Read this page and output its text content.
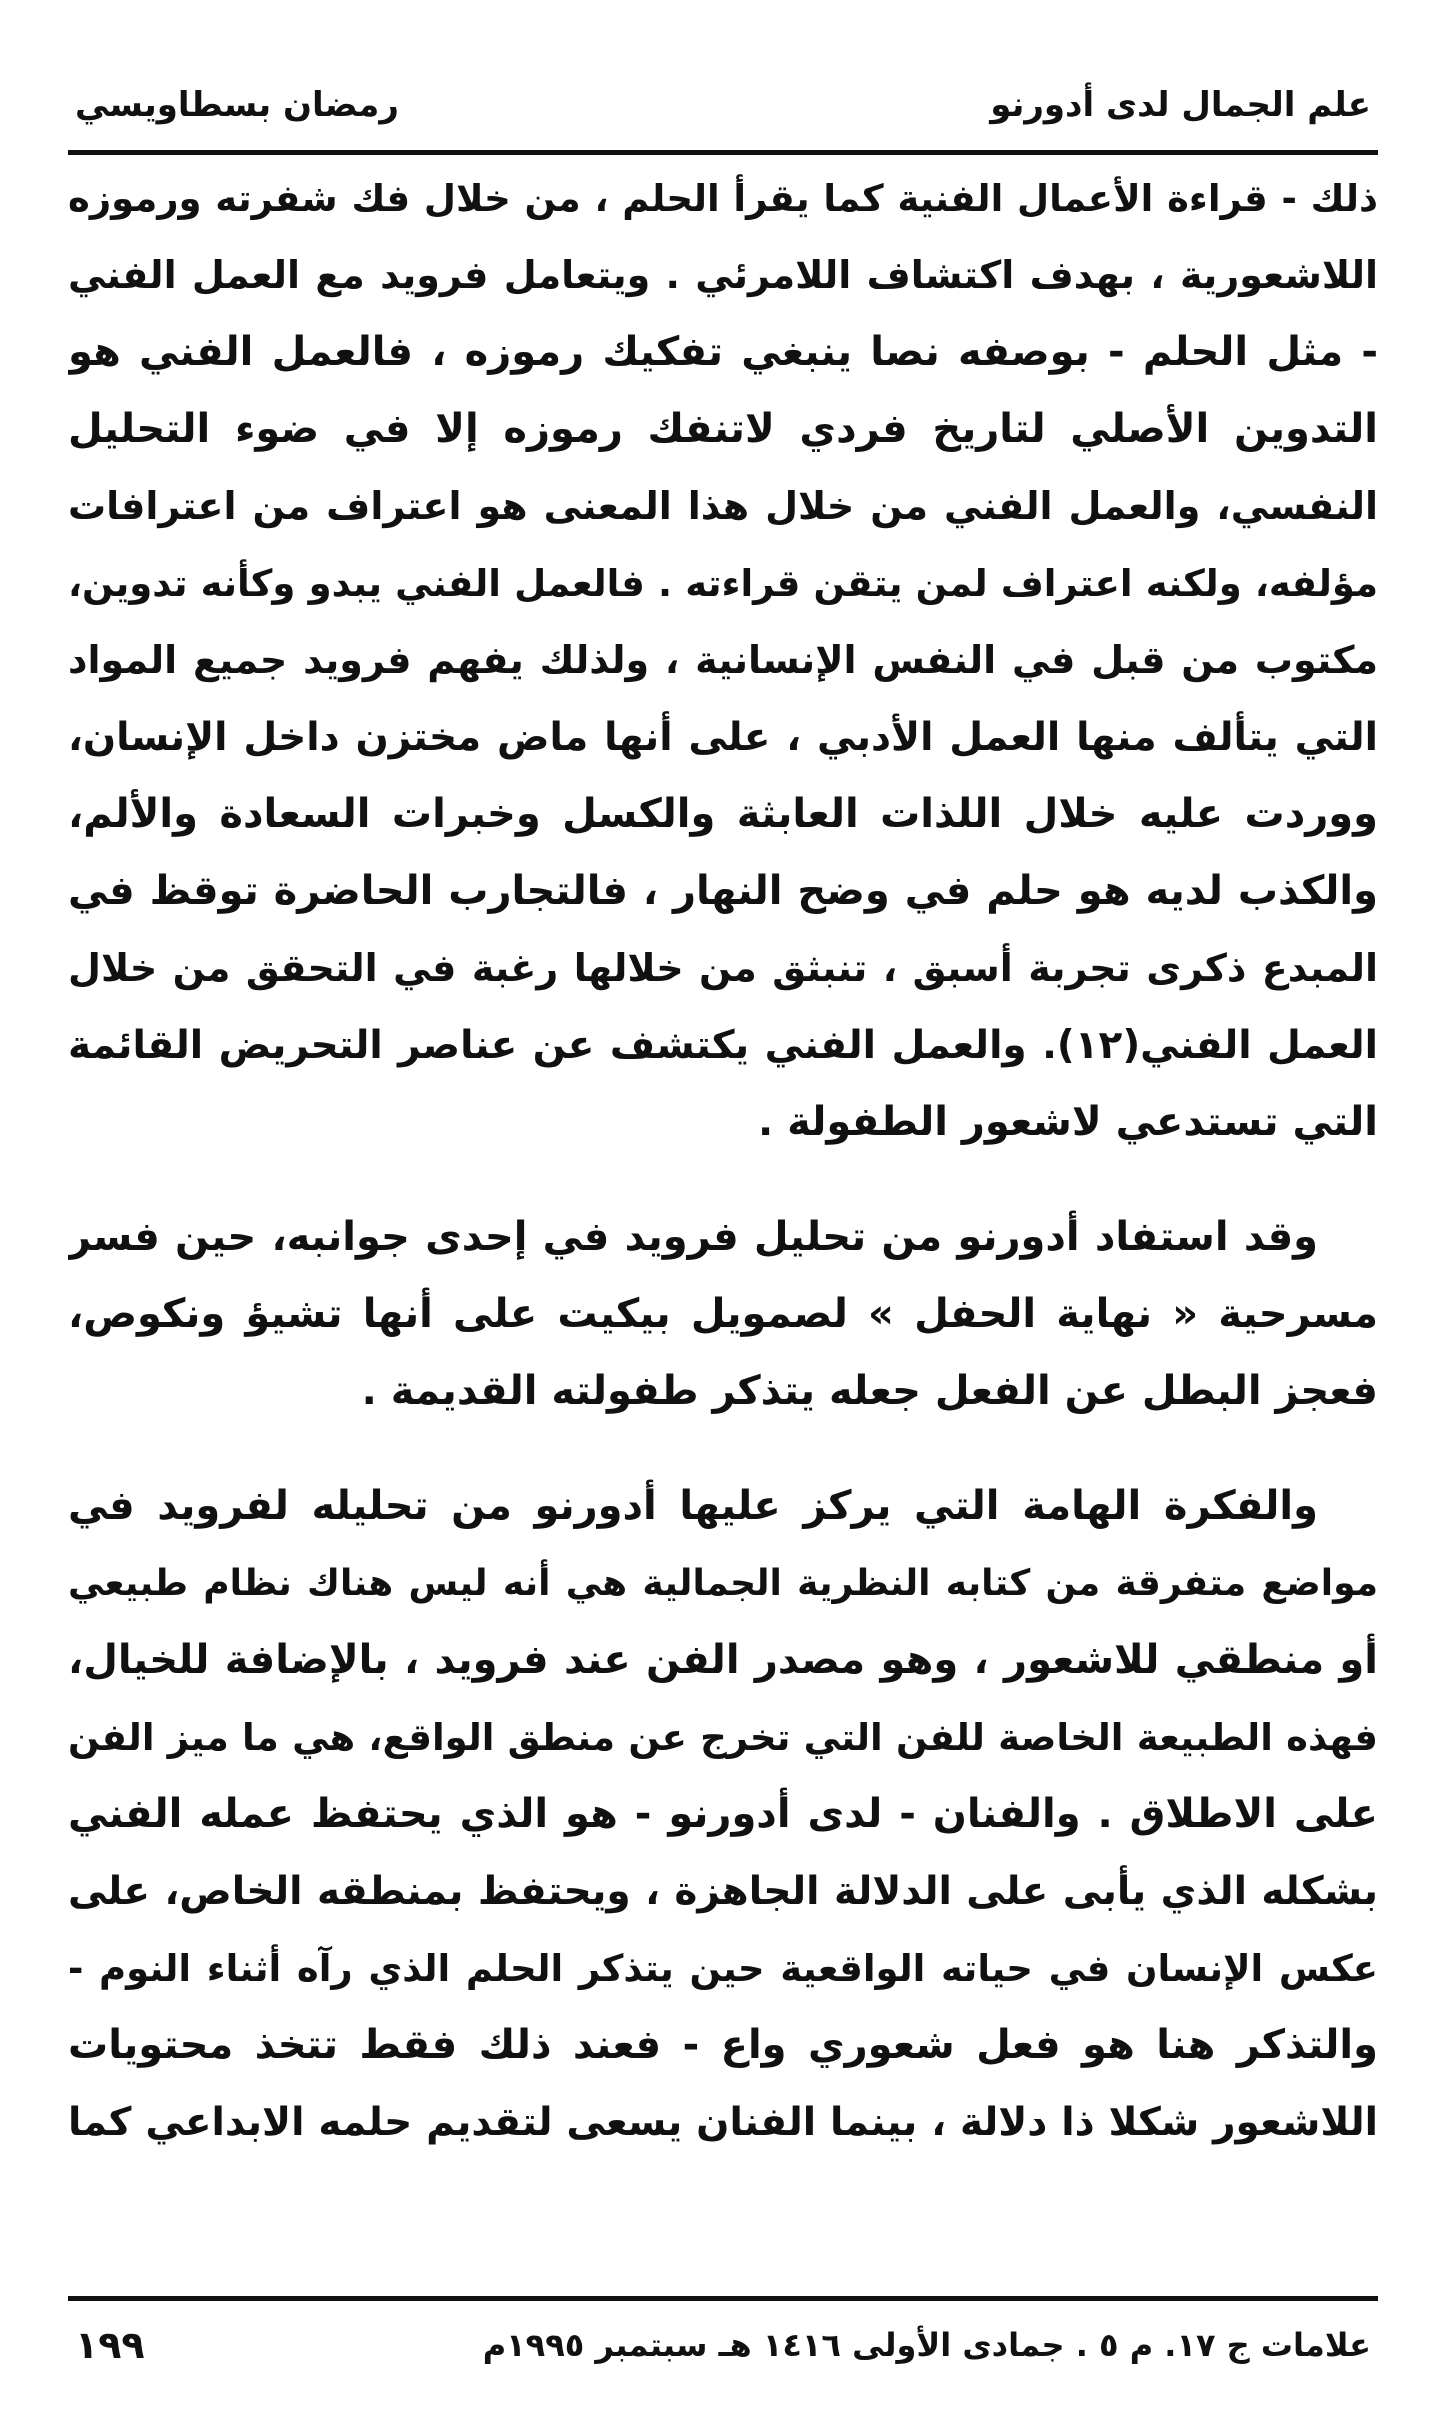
علم الجمال لدى أدورنو
رمضان بسطاويسي
ذلك - قراءة الأعمال الفنية كما يقرأ الحلم ، من خلال فك شفرته ورموزه
اللاشعورية ، بهدف اكتشاف اللامرئي . ويتعامل فرويد مع العمل الفني
- مثل الحلم - بوصفه نصا ينبغي تفكيك رموزه ، فالعمل الفني هو
التدوين الأصلي لتاريخ فردي لاتنفك رموزه إلا في ضوء التحليل
النفسي، والعمل الفني من خلال هذا المعنى هو اعتراف من اعترافات
مؤلفه، ولكنه اعتراف لمن يتقن قراءته . فالعمل الفني يبدو وكأنه تدوين،
مكتوب من قبل في النفس الإنسانية ، ولذلك يفهم فرويد جميع المواد
التي يتألف منها العمل الأدبي ، على أنها ماض مختزن داخل الإنسان،
ووردت عليه خلال اللذات العابثة والكسل وخبرات السعادة والألم،
والكذب لديه هو حلم في وضح النهار ، فالتجارب الحاضرة توقظ في
المبدع ذكرى تجربة أسبق ، تنبثق من خلالها رغبة في التحقق من خلال
العمل الفني(١٢). والعمل الفني يكتشف عن عناصر التحريض القائمة
التي تستدعي لاشعور الطفولة .
وقد استفاد أدورنو من تحليل فرويد في إحدى جوانبه، حين فسر
مسرحية « نهاية الحفل » لصمويل بيكيت على أنها تشيؤ ونكوص،
فعجز البطل عن الفعل جعله يتذكر طفولته القديمة .
والفكرة الهامة التي يركز عليها أدورنو من تحليله لفرويد في
مواضع متفرقة من كتابه النظرية الجمالية هي أنه ليس هناك نظام طبيعي
أو منطقي للاشعور ، وهو مصدر الفن عند فرويد ، بالإضافة للخيال،
فهذه الطبيعة الخاصة للفن التي تخرج عن منطق الواقع، هي ما ميز الفن
على الاطلاق . والفنان - لدى أدورنو - هو الذي يحتفظ عمله الفني
بشكله الذي يأبى على الدلالة الجاهزة ، ويحتفظ بمنطقه الخاص، على
عكس الإنسان في حياته الواقعية حين يتذكر الحلم الذي رآه أثناء النوم -
والتذكر هنا هو فعل شعوري واع - فعند ذلك فقط تتخذ محتويات
اللاشعور شكلا ذا دلالة ، بينما الفنان يسعى لتقديم حلمه الابداعي كما
علامات ج ١٧. م ٥ . جمادى الأولى ١٤١٦ هـ سبتمبر ١٩٩٥م
١٩٩
